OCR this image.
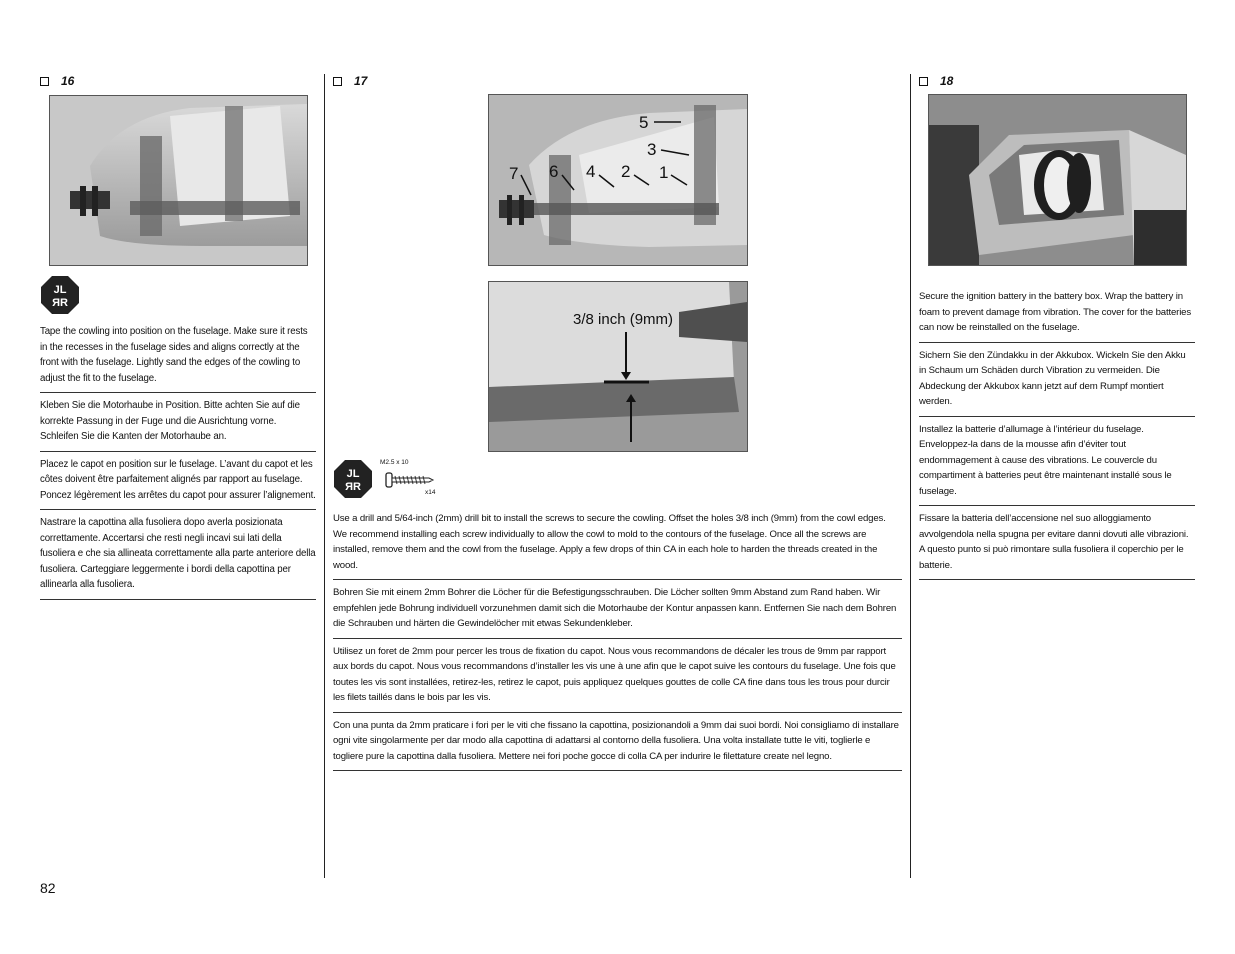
16
JL
ЯR

Tape the cowling into position on the fuselage. Make sure it rests in the recesses in the fuselage sides and aligns correctly at the front with the fuselage. Lightly sand the edges of the cowling to adjust the fit to the fuselage.

Kleben Sie die Motorhaube in Position. Bitte achten Sie auf die korrekte Passung in der Fuge und die Ausrichtung vorne. Schleifen Sie die Kanten der Motorhaube an.

Placez le capot en position sur le fuselage. L’avant du capot et les côtes doivent être parfaitement alignés par rapport au fuselage. Poncez légèrement les arrêtes du capot pour assurer l’alignement.

Nastrare la capottina alla fusoliera dopo averla posizionata correttamente. Accertarsi che resti negli incavi sui lati della fusoliera e che sia allineata correttamente alla parte anteriore della fusoliera. Carteggiare leggermente i bordi della capottina per allinearla alla fusoliera.

17
5
3
7 6 4 2 1
3/8 inch (9mm)
JL
ЯR
M2.5 x 10
x14

Use a drill and 5/64-inch (2mm) drill bit to install the screws to secure the cowling. Offset the holes 3/8 inch (9mm) from the cowl edges. We recommend installing each screw individually to allow the cowl to mold to the contours of the fuselage. Once all the screws are installed, remove them and the cowl from the fuselage. Apply a few drops of thin CA in each hole to harden the threads created in the wood.

Bohren Sie mit einem 2mm Bohrer die Löcher für die Befestigungsschrauben. Die Löcher sollten 9mm Abstand zum Rand haben. Wir empfehlen jede Bohrung individuell vorzunehmen damit sich die Motorhaube der Kontur anpassen kann. Entfernen Sie nach dem Bohren die Schrauben und härten die Gewindelöcher mit etwas Sekundenkleber.

Utilisez un foret de 2mm pour percer les trous de fixation du capot. Nous vous recommandons de décaler les trous de 9mm par rapport aux bords du capot. Nous vous recommandons d’installer les vis une à une afin que le capot suive les contours du fuselage. Une fois que toutes les vis sont installées, retirez-les, retirez le capot, puis appliquez quelques gouttes de colle CA fine dans tous les trous pour durcir les filets taillés dans le bois par les vis.

Con una punta da 2mm praticare i fori per le viti che fissano la capottina, posizionandoli a 9mm dai suoi bordi. Noi consigliamo di installare ogni vite singolarmente per dar modo alla capottina di adattarsi al contorno della fusoliera. Una volta installate tutte le viti, toglierle e togliere pure la capottina dalla fusoliera. Mettere nei fori poche gocce di colla CA per indurire le filettature create nel legno.

18

Secure the ignition battery in the battery box. Wrap the battery in foam to prevent damage from vibration. The cover for the batteries can now be reinstalled on the fuselage.

Sichern Sie den Zündakku in der Akkubox. Wickeln Sie den Akku in Schaum um Schäden durch Vibration zu vermeiden. Die Abdeckung der Akkubox kann jetzt auf dem Rumpf montiert werden.

Installez la batterie d’allumage à l’intérieur du fuselage. Enveloppez-la dans de la mousse afin d’éviter tout endommagement à cause des vibrations. Le couvercle du compartiment à batteries peut être maintenant installé sous le fuselage.

Fissare la batteria dell’accensione nel suo alloggiamento avvolgendola nella spugna per evitare danni dovuti alle vibrazioni. A questo punto si può rimontare sulla fusoliera il coperchio per le batterie.

82
